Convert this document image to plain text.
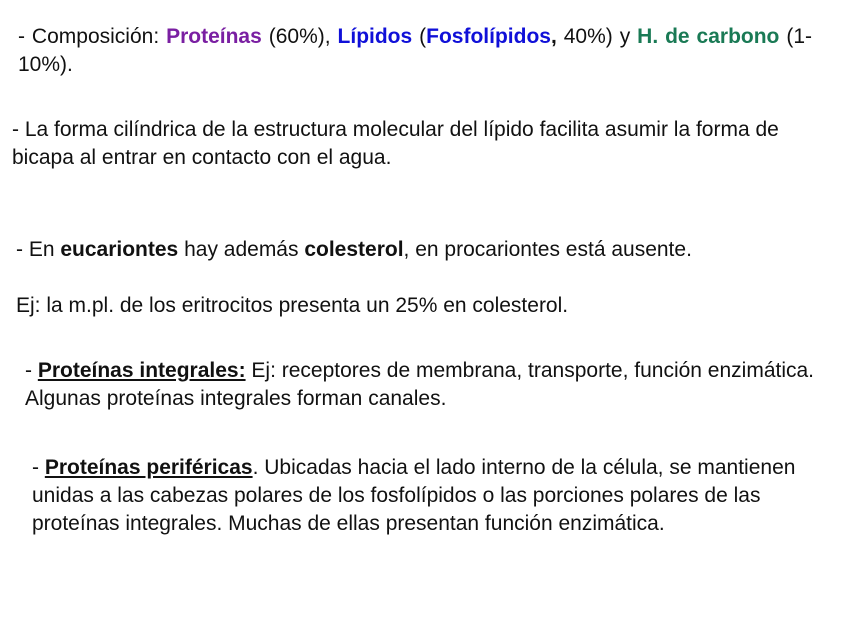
- Composición: Proteínas (60%), Lípidos (Fosfolípidos, 40%) y H. de carbono (1-10%).

- La forma cilíndrica de la estructura molecular del lípido facilita asumir la forma de bicapa al entrar en contacto con el agua.

- En eucariontes hay además colesterol, en procariontes está ausente.

Ej: la m.pl. de los eritrocitos presenta un 25% en colesterol.

- Proteínas integrales: Ej: receptores de membrana, transporte, función enzimática. Algunas proteínas integrales forman canales.

- Proteínas periféricas. Ubicadas hacia el lado interno de la célula, se mantienen unidas a las cabezas polares de los fosfolípidos o las porciones polares de las proteínas integrales. Muchas de ellas presentan función enzimática.
